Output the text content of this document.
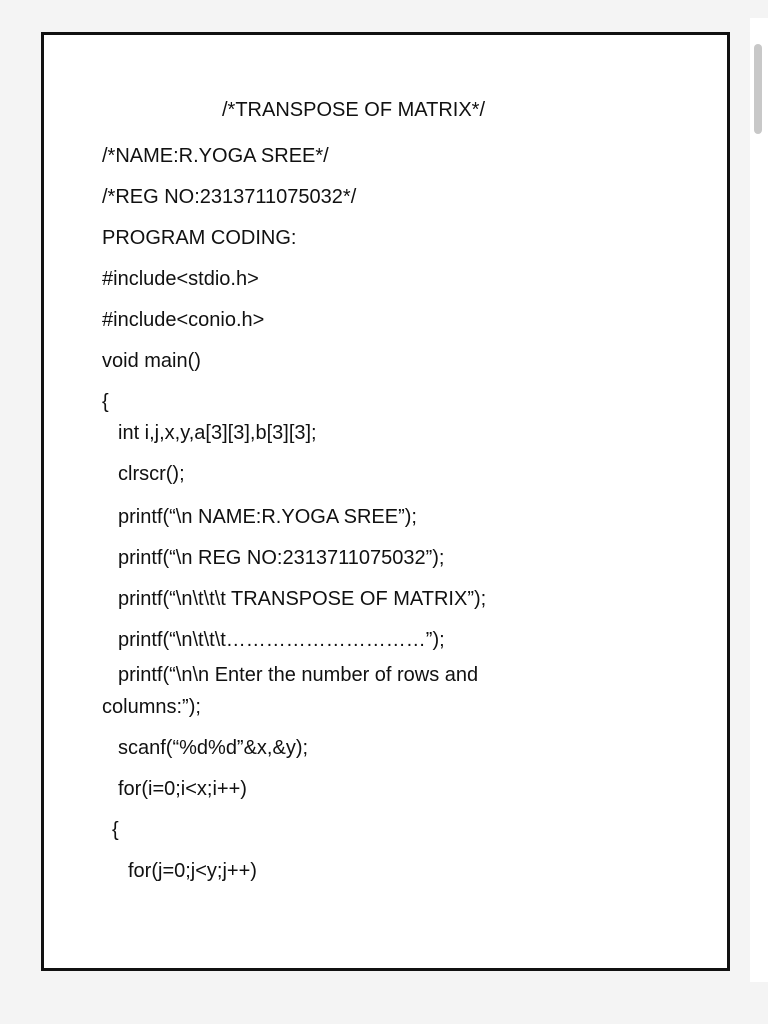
/*TRANSPOSE OF MATRIX*/
/*NAME:R.YOGA SREE*/
/*REG NO:2313711075032*/
PROGRAM CODING:
#include<stdio.h>
#include<conio.h>
void main()
{
int i,j,x,y,a[3][3],b[3][3];
clrscr();
printf(“\n NAME:R.YOGA SREE”);
printf(“\n REG NO:2313711075032”);
printf(“\n\t\t\t TRANSPOSE OF MATRIX”);
printf(“\n\t\t\t…………………………”);
printf(“\n\n Enter the number of rows and
columns:”);
scanf(“%d%d”&x,&y);
for(i=0;i<x;i++)
{
for(j=0;j<y;j++)
